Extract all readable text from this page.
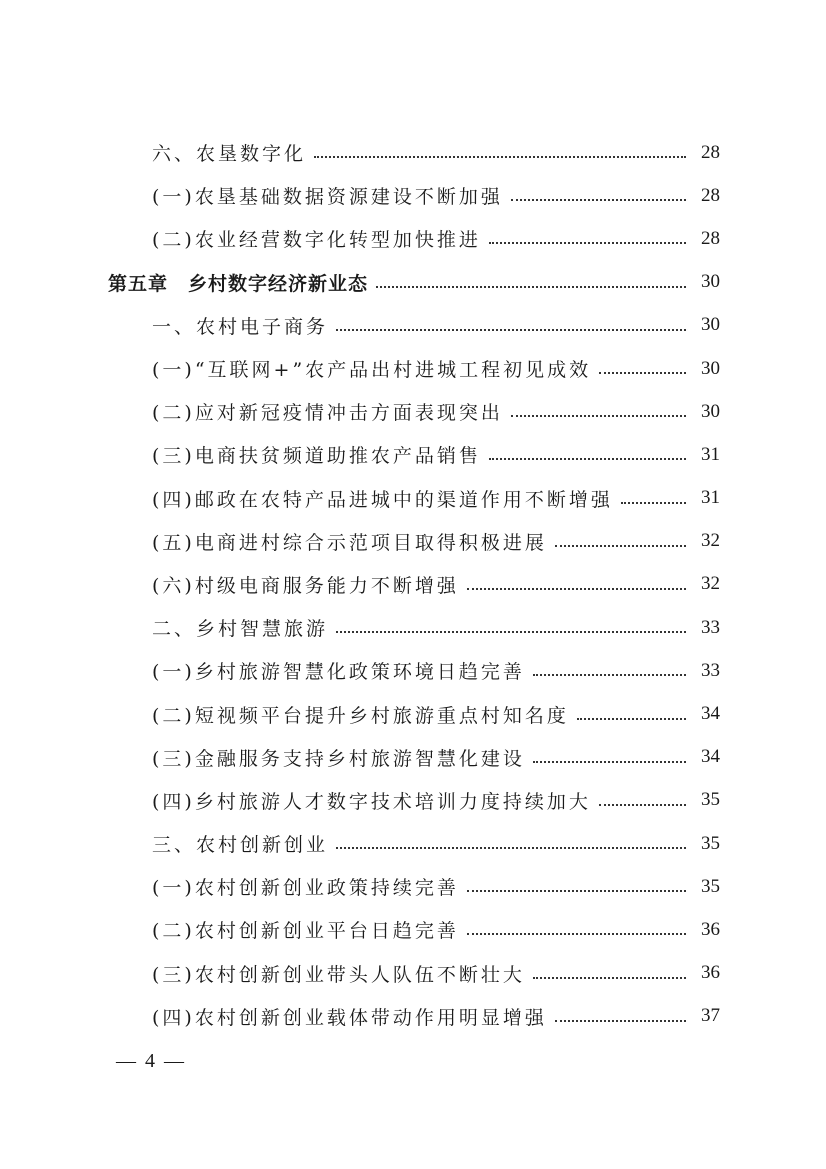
六、农垦数字化	28
(一)农垦基础数据资源建设不断加强	28
(二)农业经营数字化转型加快推进	28
第五章　乡村数字经济新业态	30
一、农村电子商务	30
(一)“互联网+”农产品出村进城工程初见成效	30
(二)应对新冠疫情冲击方面表现突出	30
(三)电商扶贫频道助推农产品销售	31
(四)邮政在农特产品进城中的渠道作用不断增强	31
(五)电商进村综合示范项目取得积极进展	32
(六)村级电商服务能力不断增强	32
二、乡村智慧旅游	33
(一)乡村旅游智慧化政策环境日趋完善	33
(二)短视频平台提升乡村旅游重点村知名度	34
(三)金融服务支持乡村旅游智慧化建设	34
(四)乡村旅游人才数字技术培训力度持续加大	35
三、农村创新创业	35
(一)农村创新创业政策持续完善	35
(二)农村创新创业平台日趋完善	36
(三)农村创新创业带头人队伍不断壮大	36
(四)农村创新创业载体带动作用明显增强	37
— 4 —
